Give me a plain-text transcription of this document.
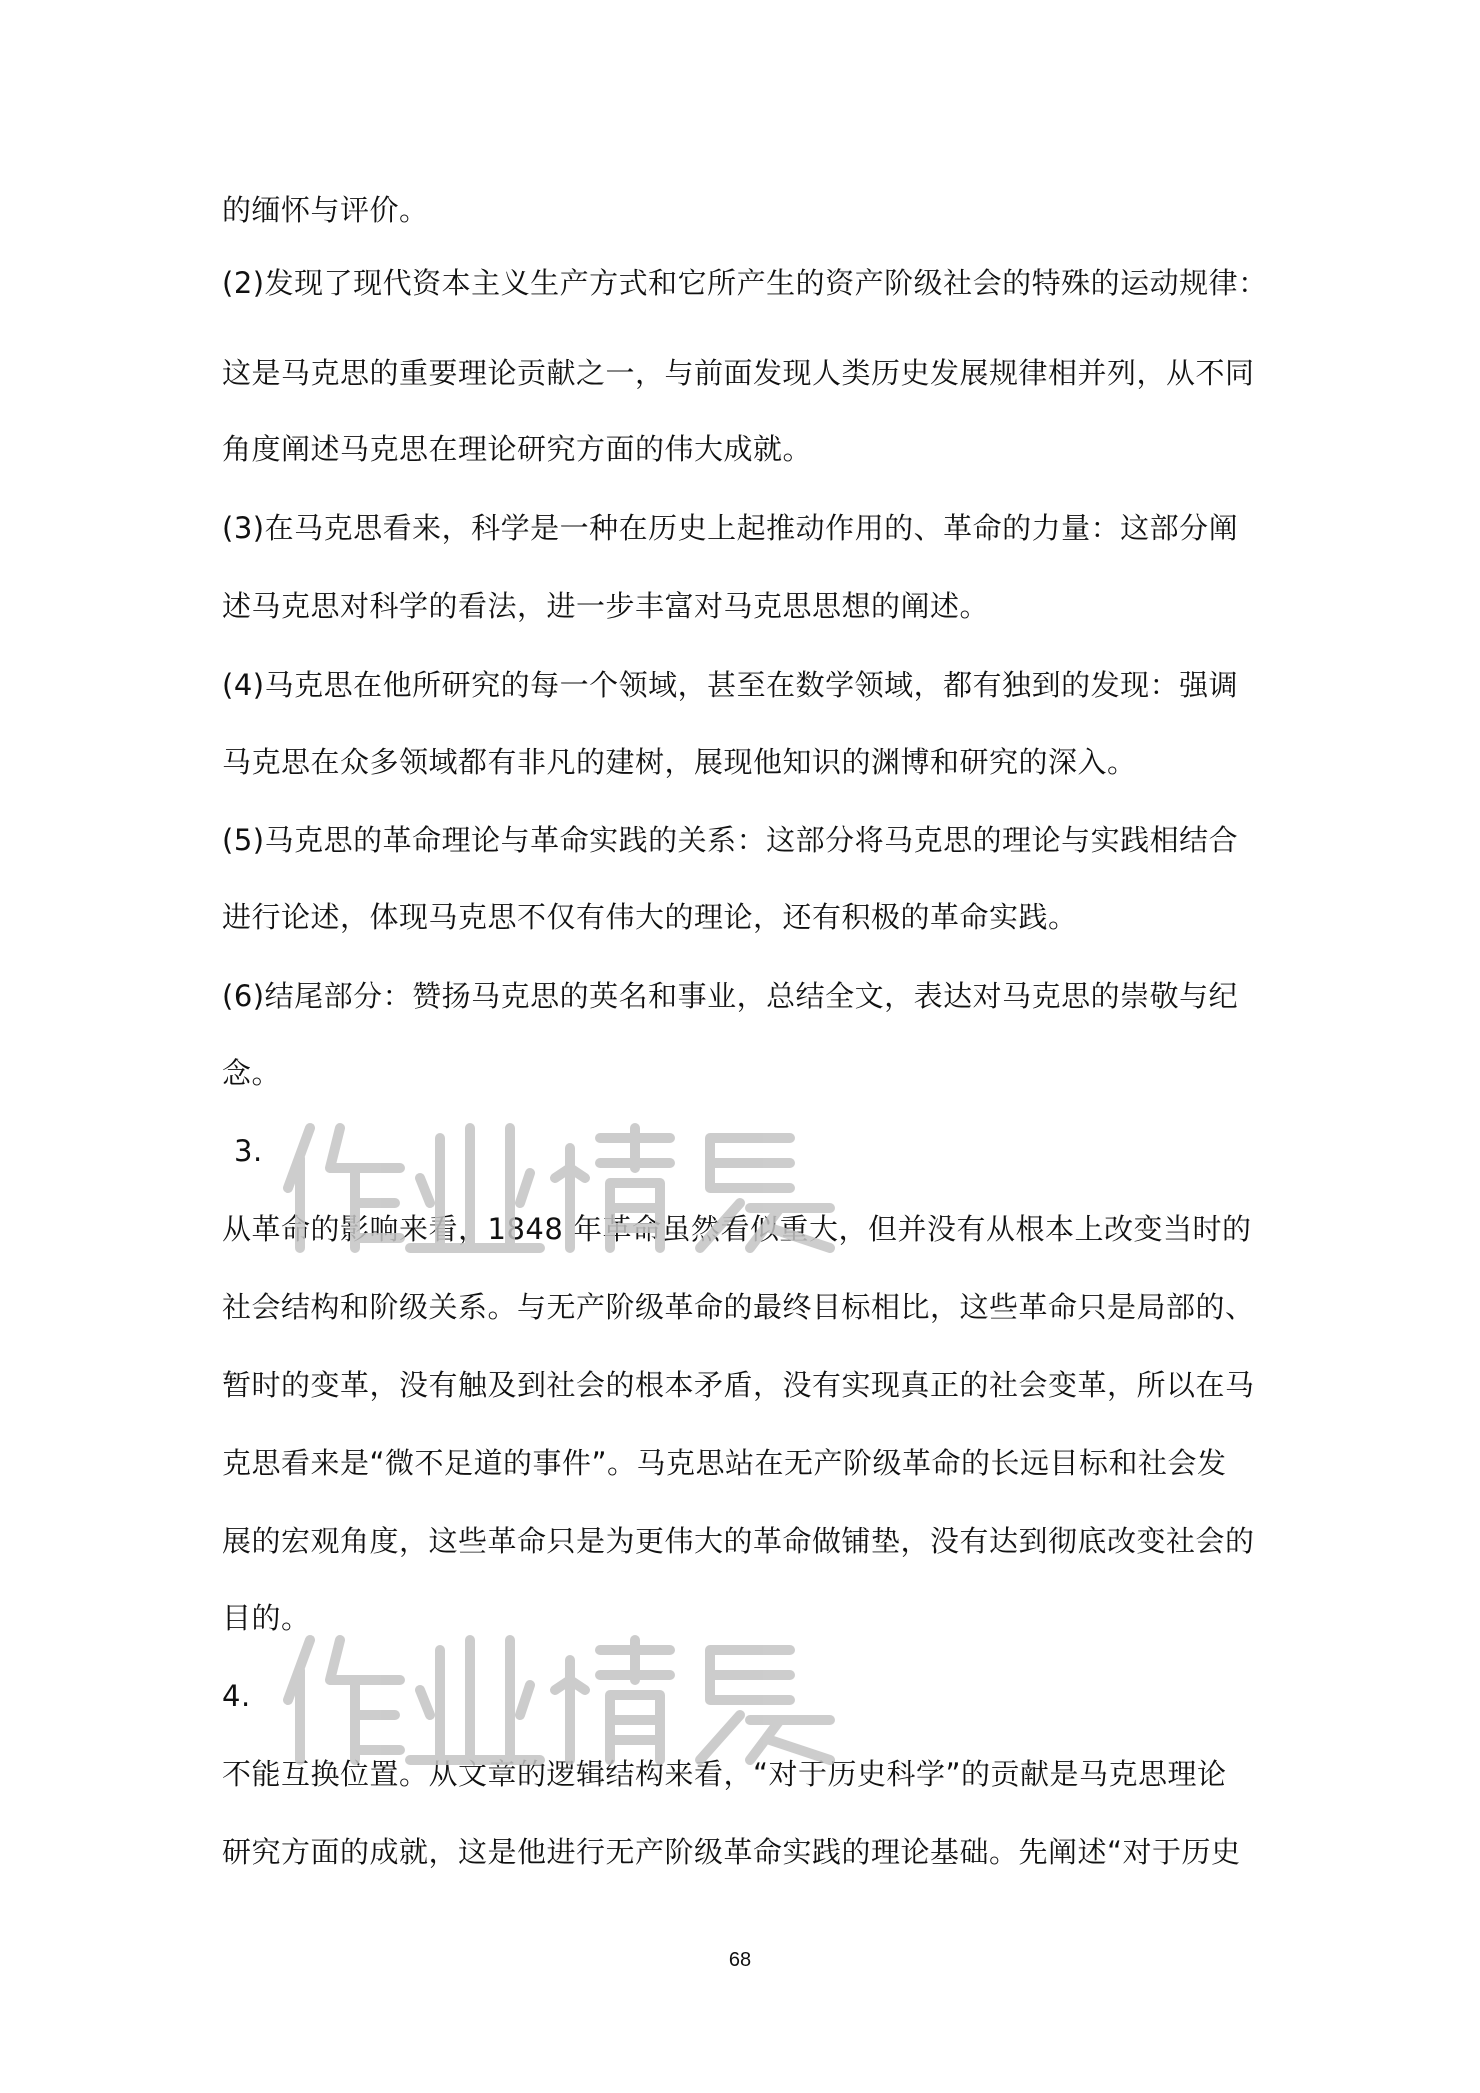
的缅怀与评价。
(2)发现了现代资本主义生产方式和它所产生的资产阶级社会的特殊的运动规律：
这是马克思的重要理论贡献之一，与前面发现人类历史发展规律相并列，从不同
角度阐述马克思在理论研究方面的伟大成就。
(3)在马克思看来，科学是一种在历史上起推动作用的、革命的力量：这部分阐
述马克思对科学的看法，进一步丰富对马克思思想的阐述。
(4)马克思在他所研究的每一个领域，甚至在数学领域，都有独到的发现：强调
马克思在众多领域都有非凡的建树，展现他知识的渊博和研究的深入。
(5)马克思的革命理论与革命实践的关系：这部分将马克思的理论与实践相结合
进行论述，体现马克思不仅有伟大的理论，还有积极的革命实践。
(6)结尾部分：赞扬马克思的英名和事业，总结全文，表达对马克思的崇敬与纪
念。
3.
从革命的影响来看，1848 年革命虽然看似重大，但并没有从根本上改变当时的
社会结构和阶级关系。与无产阶级革命的最终目标相比，这些革命只是局部的、
暂时的变革，没有触及到社会的根本矛盾，没有实现真正的社会变革，所以在马
克思看来是“微不足道的事件”。马克思站在无产阶级革命的长远目标和社会发
展的宏观角度，这些革命只是为更伟大的革命做铺垫，没有达到彻底改变社会的
目的。
4.
不能互换位置。从文章的逻辑结构来看，“对于历史科学”的贡献是马克思理论
研究方面的成就，这是他进行无产阶级革命实践的理论基础。先阐述“对于历史
68
